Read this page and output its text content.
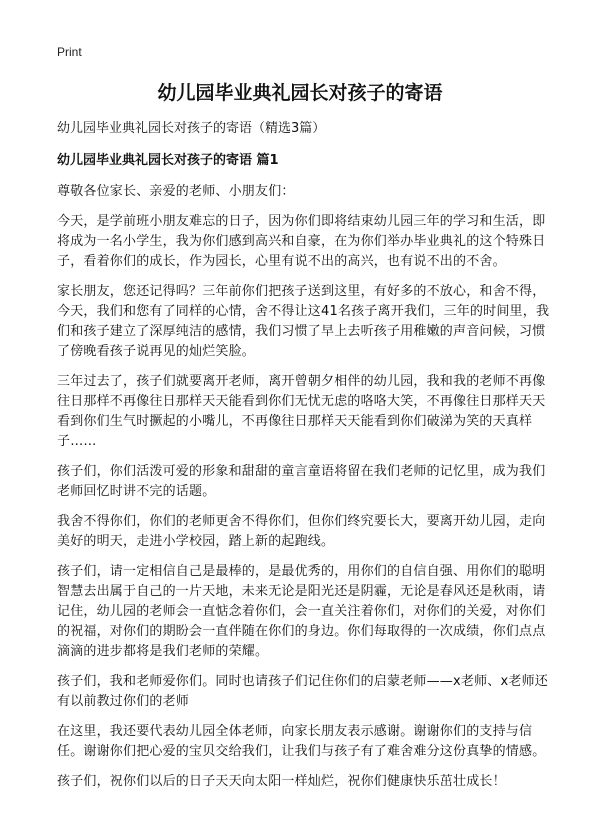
Print
幼儿园毕业典礼园长对孩子的寄语
幼儿园毕业典礼园长对孩子的寄语（精选3篇）
幼儿园毕业典礼园长对孩子的寄语 篇1

尊敬各位家长、亲爱的老师、小朋友们：

今天，是学前班小朋友难忘的日子，因为你们即将结束幼儿园三年的学习和生活，即将成为一名小学生，我为你们感到高兴和自豪，在为你们举办毕业典礼的这个特殊日子，看着你们的成长，作为园长，心里有说不出的高兴，也有说不出的不舍。

家长朋友，您还记得吗？三年前你们把孩子送到这里，有好多的不放心，和舍不得，今天，我们和您有了同样的心情，舍不得让这41名孩子离开我们，三年的时间里，我们和孩子建立了深厚纯洁的感情，我们习惯了早上去听孩子用稚嫩的声音问候，习惯了傍晚看孩子说再见的灿烂笑脸。

三年过去了，孩子们就要离开老师，离开曾朝夕相伴的幼儿园，我和我的老师不再像往日那样不再像往日那样天天能看到你们无忧无虑的咯咯大笑，不再像往日那样天天看到你们生气时撅起的小嘴儿，不再像往日那样天天能看到你们破涕为笑的天真样子……

孩子们，你们活泼可爱的形象和甜甜的童言童语将留在我们老师的记忆里，成为我们老师回忆时讲不完的话题。

我舍不得你们，你们的老师更舍不得你们，但你们终究要长大，要离开幼儿园，走向美好的明天，走进小学校园，踏上新的起跑线。

孩子们，请一定相信自己是最棒的，是最优秀的，用你们的自信自强、用你们的聪明智慧去出属于自己的一片天地，未来无论是阳光还是阴霾，无论是春风还是秋雨，请记住，幼儿园的老师会一直惦念着你们，会一直关注着你们，对你们的关爱，对你们的祝福，对你们的期盼会一直伴随在你们的身边。你们每取得的一次成绩，你们点点滴滴的进步都将是我们老师的荣耀。

孩子们，我和老师爱你们。同时也请孩子们记住你们的启蒙老师——x老师、x老师还有以前教过你们的老师

在这里，我还要代表幼儿园全体老师，向家长朋友表示感谢。谢谢你们的支持与信任。谢谢你们把心爱的宝贝交给我们，让我们与孩子有了难舍难分这份真挚的情感。

孩子们，祝你们以后的日子天天向太阳一样灿烂，祝你们健康快乐茁壮成长！
